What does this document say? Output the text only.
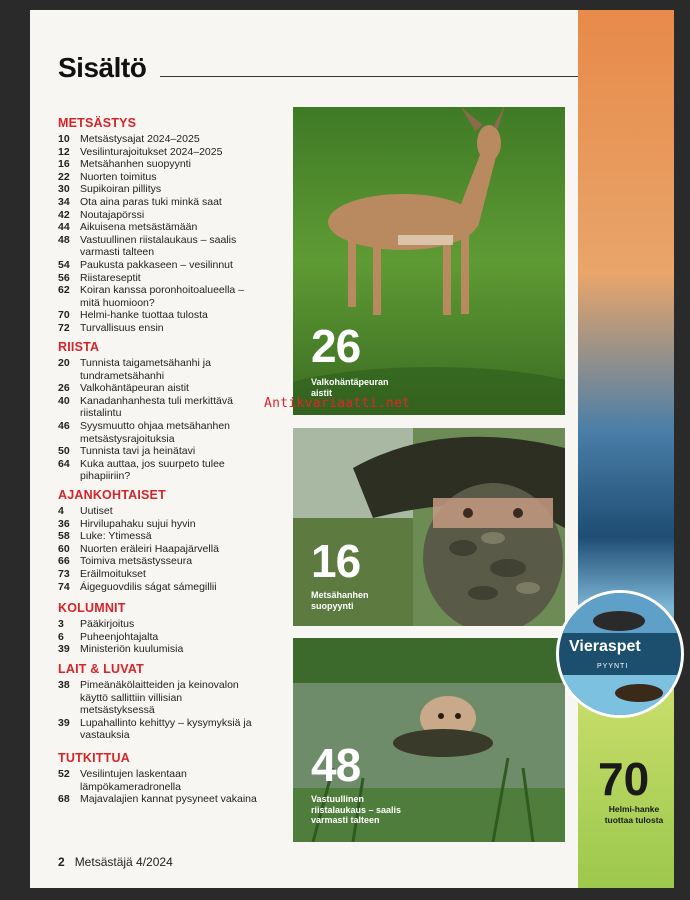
Sisältö
METSÄSTYS
10 Metsästysajat 2024–2025
12 Vesilinturajoitukset 2024–2025
16 Metsähanhen suopyynti
22 Nuorten toimitus
30 Supikoiran pillitys
34 Ota aina paras tuki minkä saat
42 Noutajapörssi
44 Aikuisena metsästämään
48 Vastuullinen riistalaukaus – saalis varmasti talteen
54 Paukusta pakkaseen – vesilinnut
56 Riistareseptit
62 Koiran kanssa poronhoitoalueella – mitä huomioon?
70 Helmi-hanke tuottaa tulosta
72 Turvallisuus ensin
RIISTA
20 Tunnista taigametsähanhi ja tundrametsähanhi
26 Valkohäntäpeuran aistit
40 Kanadanhanhesta tuli merkittävä riistalintu
46 Syysmuutto ohjaa metsähanhen metsästysrajoituksia
50 Tunnista tavi ja heinätavi
64 Kuka auttaa, jos suurpeto tulee pihapiiriin?
AJANKOHTAISET
4	Uutiset
36 Hirvilupahaku sujui hyvin
58 Luke: Ytimessä
60 Nuorten eräleiri Haapajärvellä
66 Toimiva metsästysseura
73 Eräilmoitukset
74 Áigeguovdilis ságat sámegillii
KOLUMNIT
3	Pääkirjoitus
6	Puheenjohtajalta
39 Ministeriön kuulumisia
LAIT & LUVAT
38 Pimeänäkölaitteiden ja keinovalon käyttö sallittiin villisian metsästyksessä
39 Lupahallinto kehittyy – kysymyksiä ja vastauksia
TUTKITTUA
52 Vesilintujen laskentaan lämpökameradronella
68 Majavalajien kannat pysyneet vakaina
26
Valkohäntäpeuran aistit
16
Metsähanhen suopyynti
48
Vastuullinen riistalaukaus – saalis varmasti talteen
Vieraspet
PYYNTI
70
Helmi-hanke tuottaa tulosta
Antikvariaatti.net
2 Metsästäjä 4/2024
